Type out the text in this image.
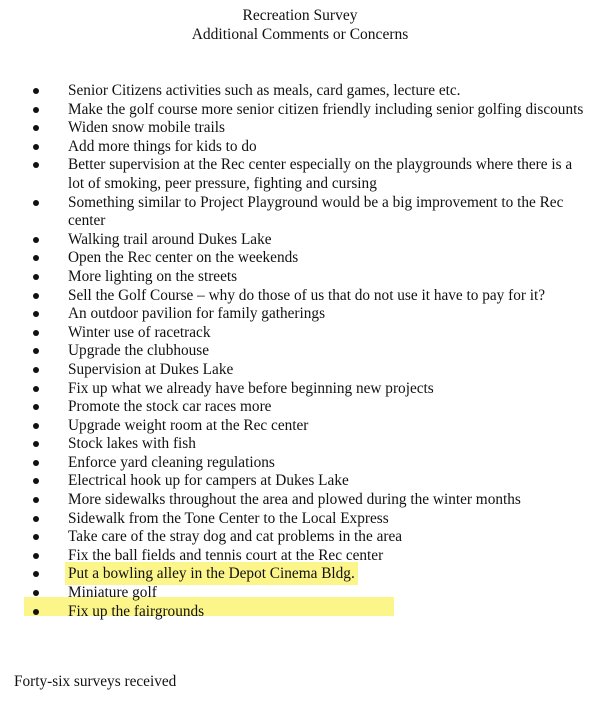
Recreation Survey
Additional Comments or Concerns
Senior Citizens activities such as meals, card games, lecture etc.
Make the golf course more senior citizen friendly including senior golfing discounts
Widen snow mobile trails
Add more things for kids to do
Better supervision at the Rec center especially on the playgrounds where there is a lot of smoking, peer pressure, fighting and cursing
Something similar to Project Playground would be a big improvement to the Rec center
Walking trail around Dukes Lake
Open the Rec center on the weekends
More lighting on the streets
Sell the Golf Course – why do those of us that do not use it have to pay for it?
An outdoor pavilion for family gatherings
Winter use of racetrack
Upgrade the clubhouse
Supervision at Dukes Lake
Fix up what we already have before beginning new projects
Promote the stock car races more
Upgrade weight room at the Rec center
Stock lakes with fish
Enforce yard cleaning regulations
Electrical hook up for campers at Dukes Lake
More sidewalks throughout the area and plowed during the winter months
Sidewalk from the Tone Center to the Local Express
Take care of the stray dog and cat problems in the area
Fix the ball fields and tennis court at the Rec center
Put a bowling alley in the Depot Cinema Bldg.
Miniature golf
Fix up the fairgrounds
Forty-six surveys received
